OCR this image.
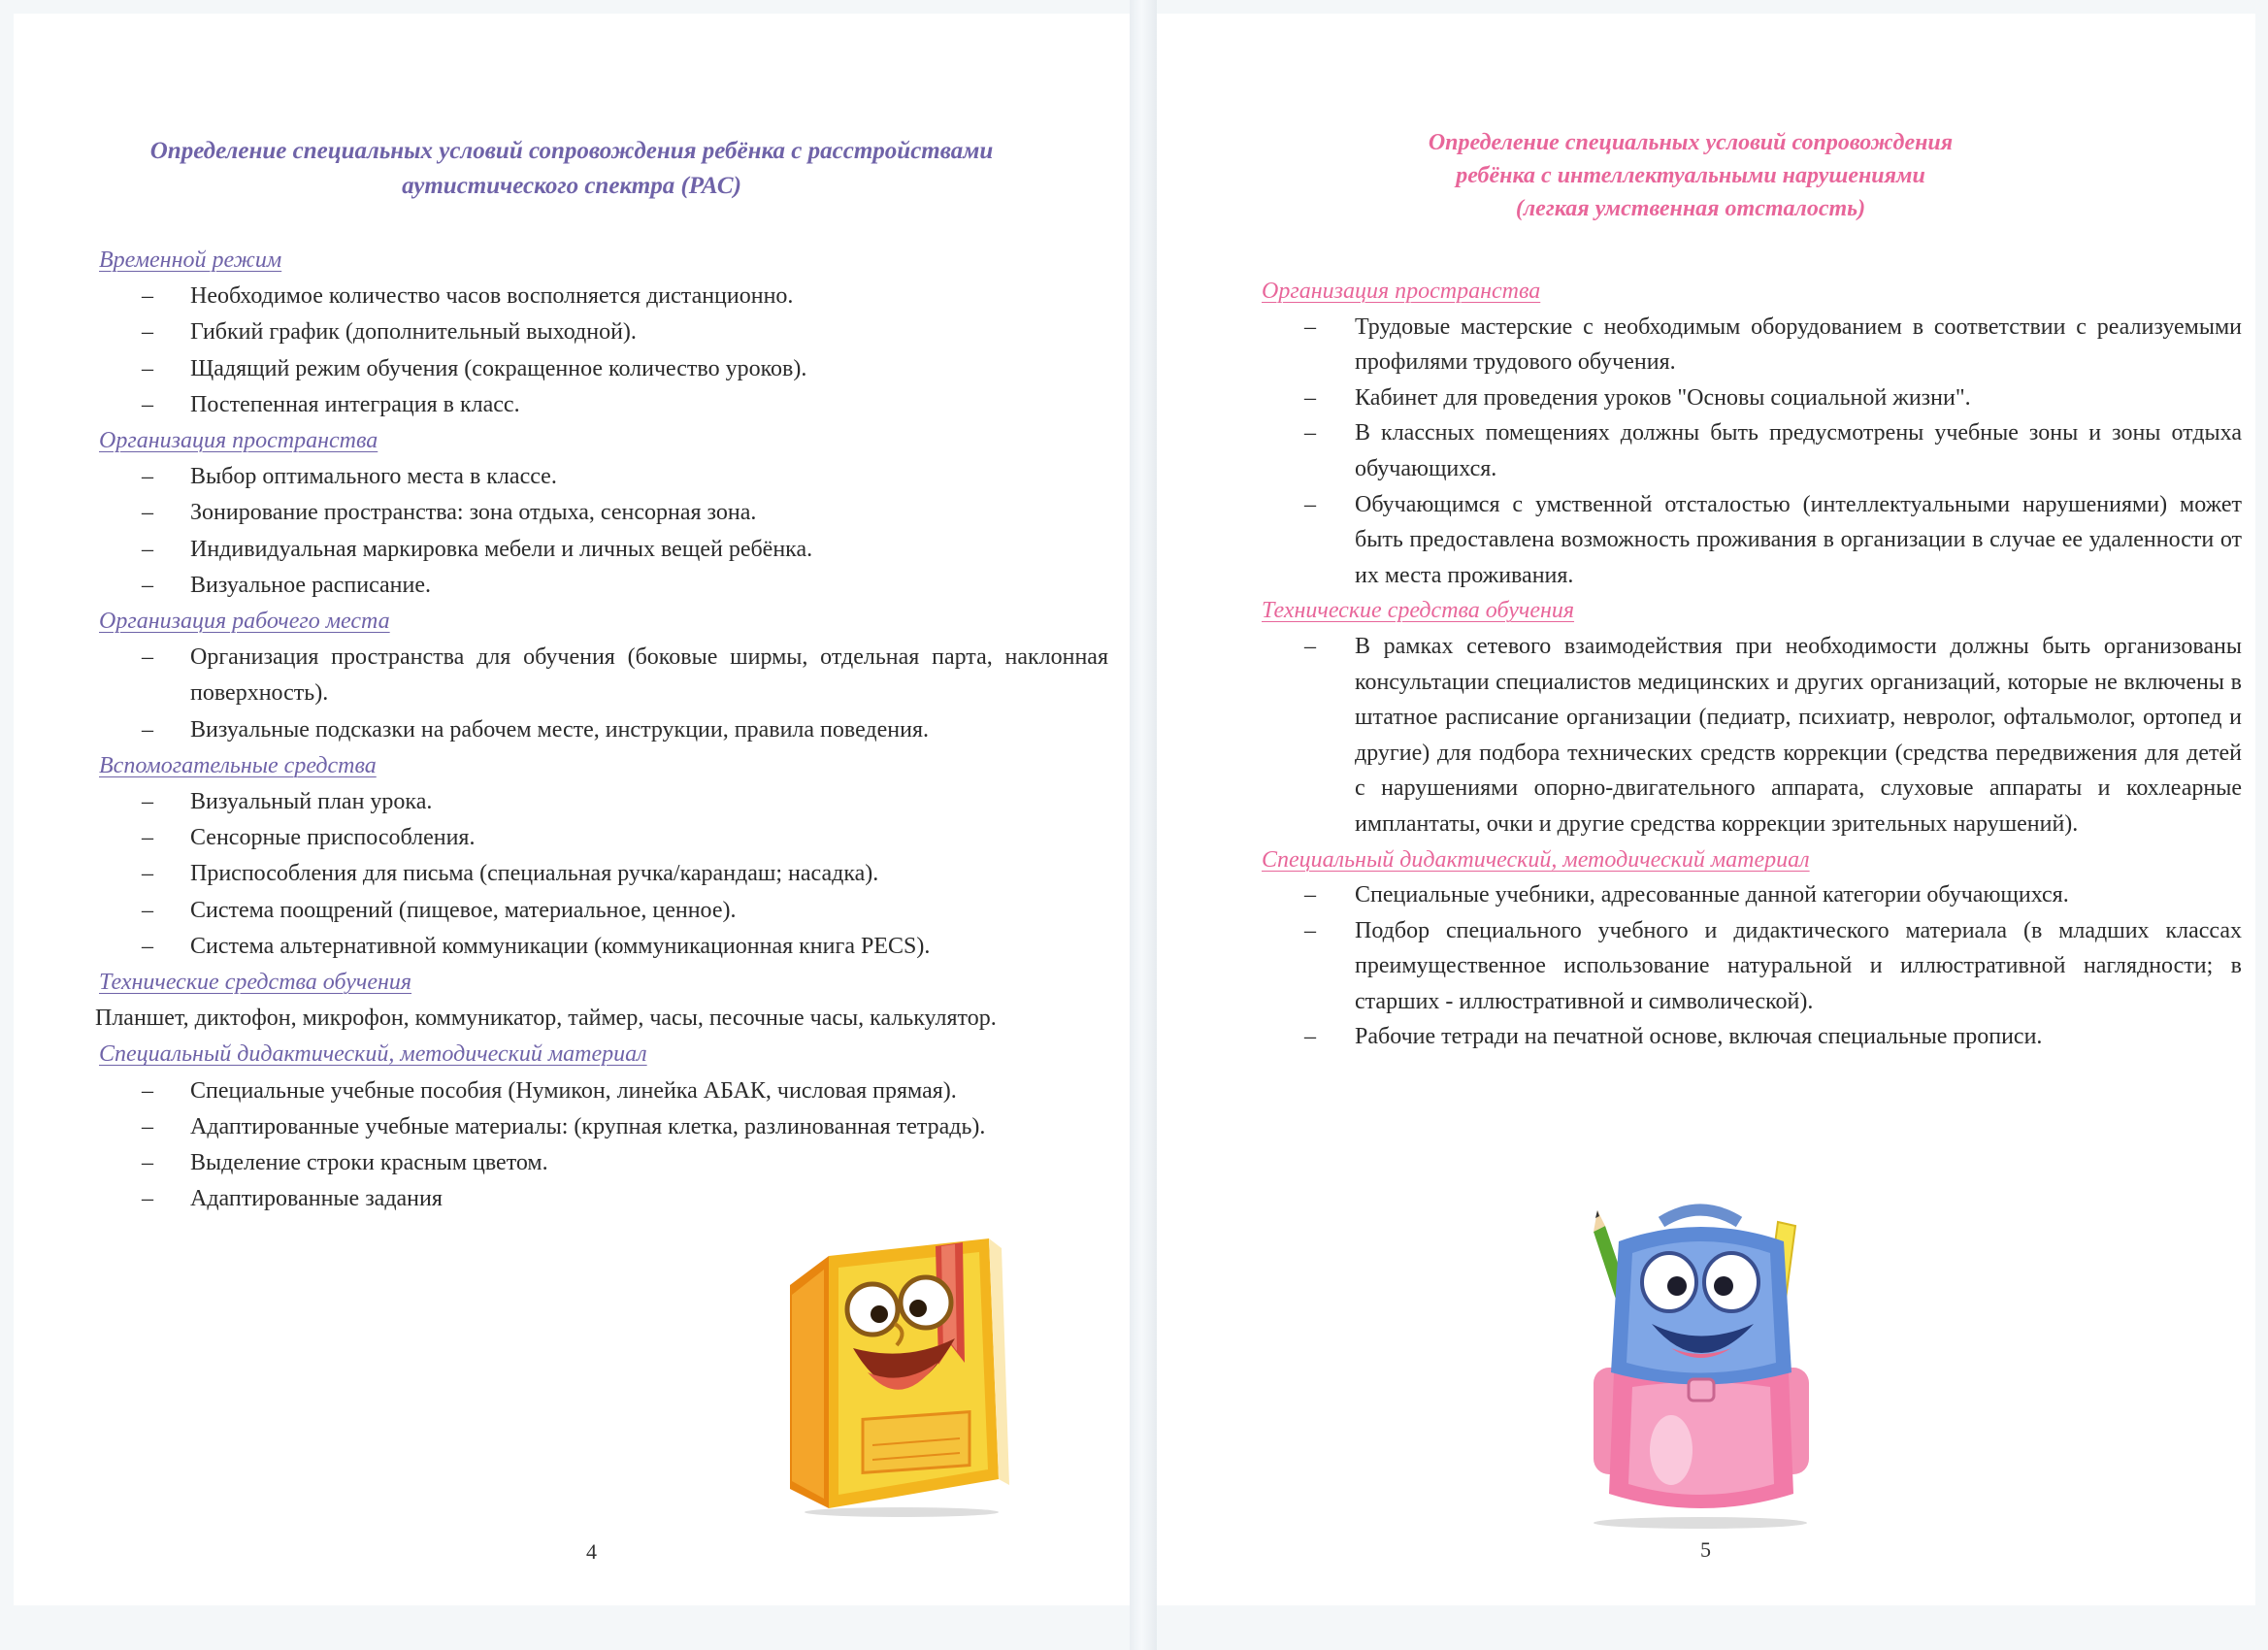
Определение специальных условий сопровождения ребёнка с расстройствами
аутистического спектра (РАС)
Временной режим
– Необходимое количество часов восполняется дистанционно.
– Гибкий график (дополнительный выходной).
– Щадящий режим обучения (сокращенное количество уроков).
– Постепенная интеграция в класс.
Организация пространства
– Выбор оптимального места в классе.
– Зонирование пространства: зона отдыха, сенсорная зона.
– Индивидуальная маркировка мебели и личных вещей ребёнка.
– Визуальное расписание.
Организация рабочего места
– Организация пространства для обучения (боковые ширмы, отдельная парта, наклонная поверхность).
– Визуальные подсказки на рабочем месте, инструкции, правила поведения.
Вспомогательные средства
– Визуальный план урока.
– Сенсорные приспособления.
– Приспособления для письма (специальная ручка/карандаш; насадка).
– Система поощрений (пищевое, материальное, ценное).
– Система альтернативной коммуникации (коммуникационная книга PECS).
Технические средства обучения
Планшет, диктофон, микрофон, коммуникатор, таймер, часы, песочные часы, калькулятор.
Специальный дидактический, методический материал
– Специальные учебные пособия (Нумикон, линейка АБАК, числовая прямая).
– Адаптированные учебные материалы: (крупная клетка, разлинованная тетрадь).
– Выделение строки красным цветом.
– Адаптированные задания
4
Определение специальных условий сопровождения
ребёнка с интеллектуальными нарушениями
(легкая умственная отсталость)
Организация пространства
– Трудовые мастерские с необходимым оборудованием в соответствии с реализуемыми профилями трудового обучения.
– Кабинет для проведения уроков "Основы социальной жизни".
– В классных помещениях должны быть предусмотрены учебные зоны и зоны отдыха обучающихся.
– Обучающимся с умственной отсталостью (интеллектуальными нарушениями) может быть предоставлена возможность проживания в организации в случае ее удаленности от их места проживания.
Технические средства обучения
– В рамках сетевого взаимодействия при необходимости должны быть организованы консультации специалистов медицинских и других организаций, которые не включены в штатное расписание организации (педиатр, психиатр, невролог, офтальмолог, ортопед и другие) для подбора технических средств коррекции (средства передвижения для детей с нарушениями опорно-двигательного аппарата, слуховые аппараты и кохлеарные имплантаты, очки и другие средства коррекции зрительных нарушений).
Специальный дидактический, методический материал
– Специальные учебники, адресованные данной категории обучающихся.
– Подбор специального учебного и дидактического материала (в младших классах преимущественное использование натуральной и иллюстративной наглядности; в старших - иллюстративной и символической).
– Рабочие тетради на печатной основе, включая специальные прописи.
5
